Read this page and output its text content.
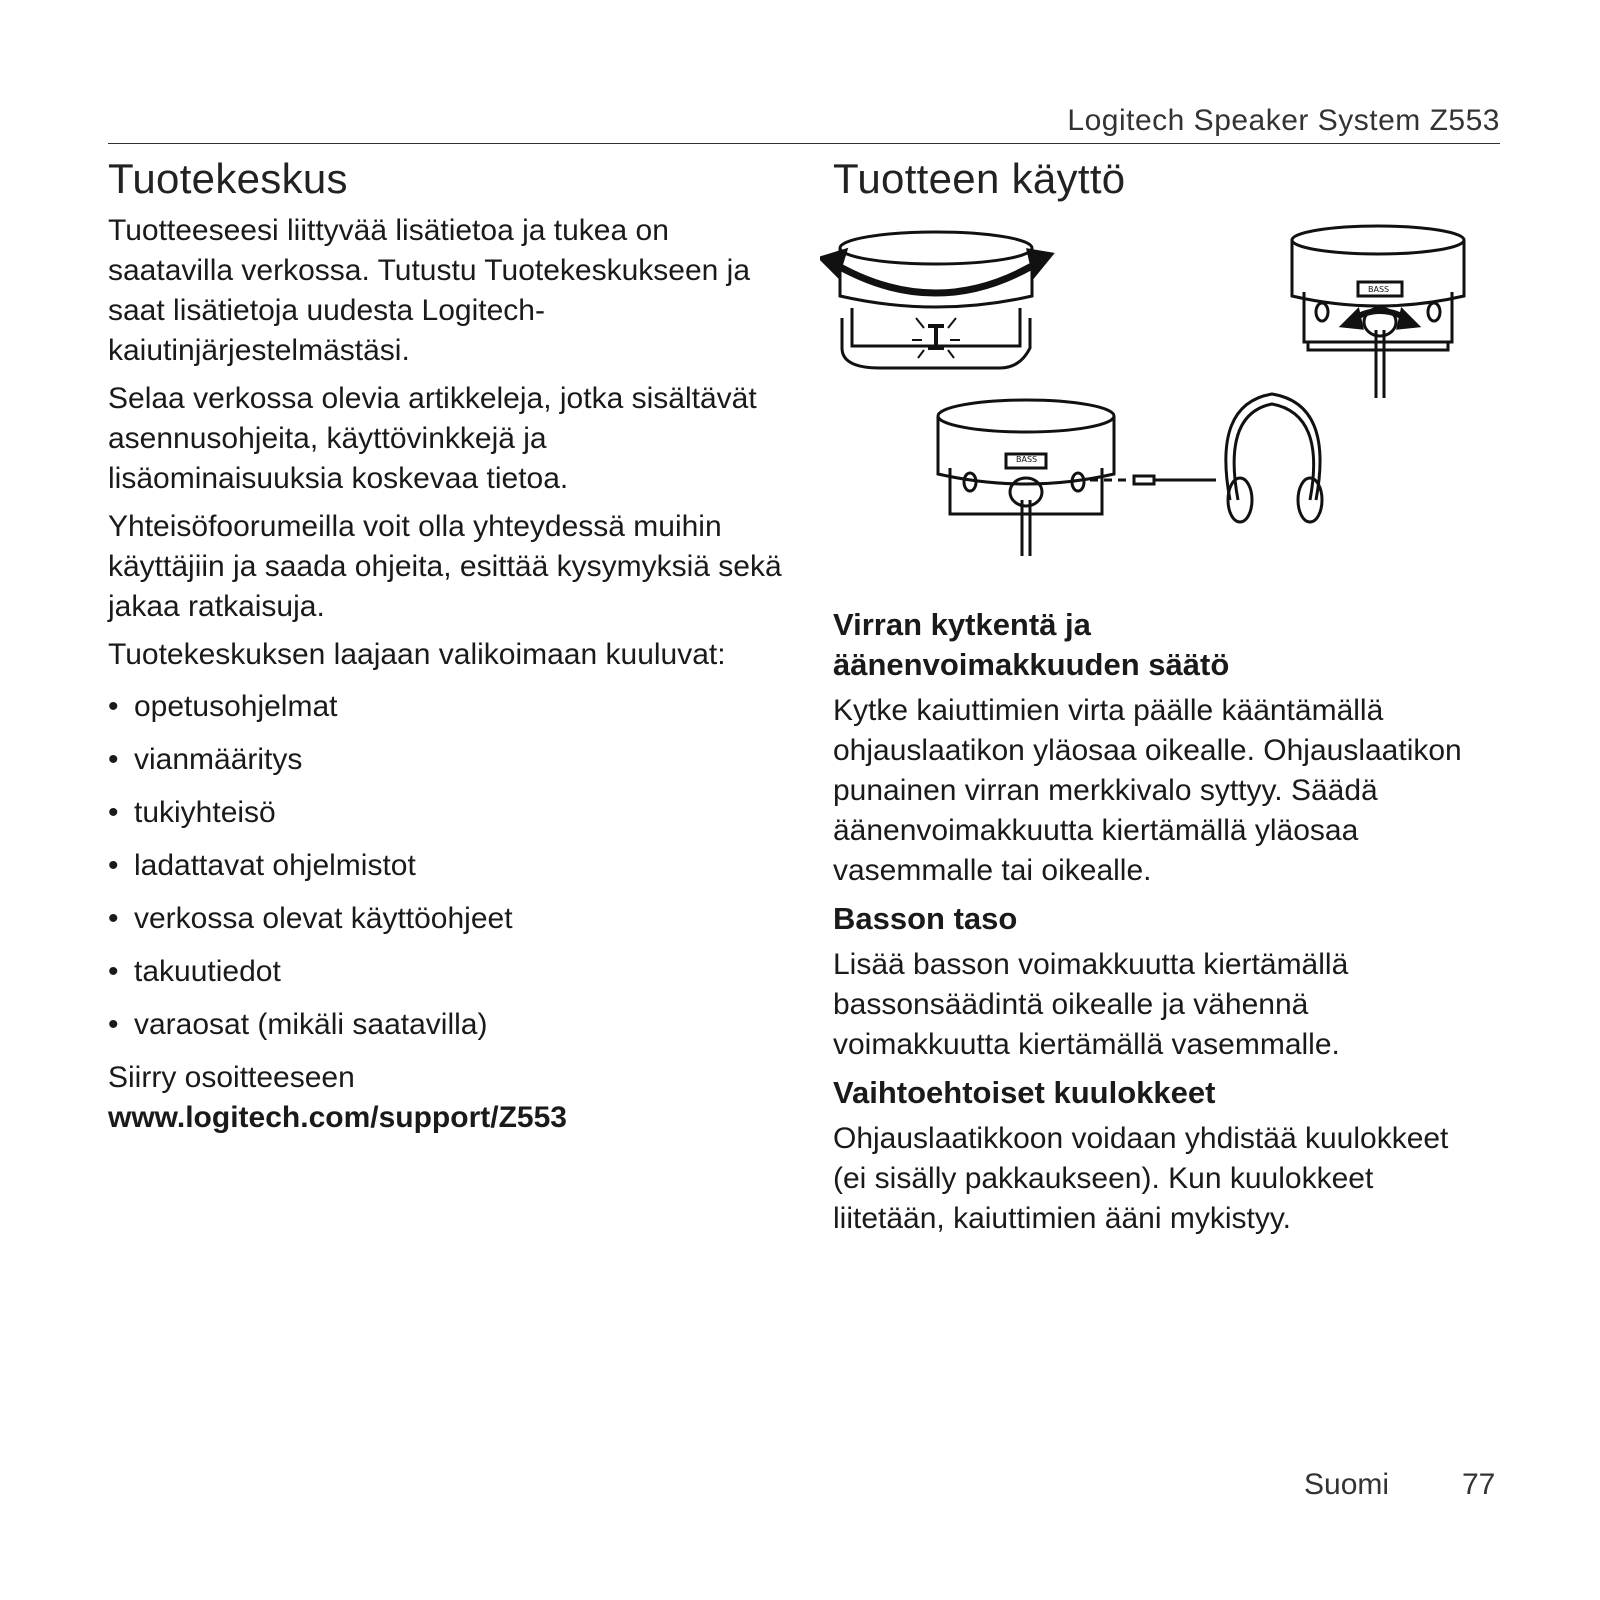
Logitech Speaker System Z553
Tuotekeskus

Tuotteeseesi liittyvää lisätietoa ja tukea on saatavilla verkossa. Tutustu Tuotekeskukseen ja saat lisätietoja uudesta Logitech-kaiutinjärjestelmästäsi.

Selaa verkossa olevia artikkeleja, jotka sisältävät asennusohjeita, käyttövinkkejä ja lisäominaisuuksia koskevaa tietoa.

Yhteisöfoorumeilla voit olla yhteydessä muihin käyttäjiin ja saada ohjeita, esittää kysymyksiä sekä jakaa ratkaisuja.

Tuotekeskuksen laajaan valikoimaan kuuluvat:

• opetusohjelmat
• vianmääritys
• tukiyhteisö
• ladattavat ohjelmistot
• verkossa olevat käyttöohjeet
• takuutiedot
• varaosat (mikäli saatavilla)

Siirry osoitteeseen www.logitech.com/support/Z553

Tuotteen käyttö
Virran kytkentä ja äänenvoimakkuuden säätö

Kytke kaiuttimien virta päälle kääntämällä ohjauslaatikon yläosaa oikealle. Ohjauslaatikon punainen virran merkkivalo syttyy. Säädä äänenvoimakkuutta kiertämällä yläosaa vasemmalle tai oikealle.

Basson taso

Lisää basson voimakkuutta kiertämällä bassonsäädintä oikealle ja vähennä voimakkuutta kiertämällä vasemmalle.

Vaihtoehtoiset kuulokkeet

Ohjauslaatikkoon voidaan yhdistää kuulokkeet (ei sisälly pakkaukseen). Kun kuulokkeet liitetään, kaiuttimien ääni mykistyy.

BASS
BASS
Suomi 77
